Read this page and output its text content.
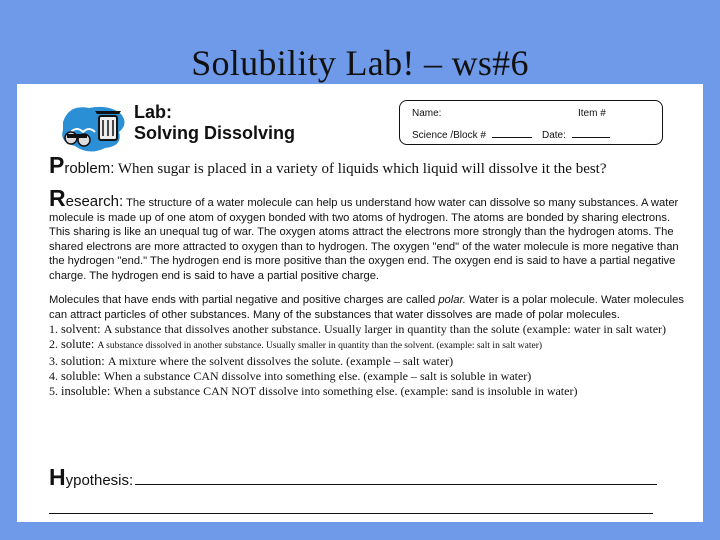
Solubility Lab! – ws#6
Lab:
Solving Dissolving
Name:	Item #
Science /Block #	Date:
Problem: When sugar is placed in a variety of liquids which liquid will dissolve it the best?

Research: The structure of a water molecule can help us understand how water can dissolve so many substances. A water molecule is made up of one atom of oxygen bonded with two atoms of hydrogen. The atoms are bonded by sharing electrons. This sharing is like an unequal tug of war. The oxygen atoms attract the electrons more strongly than the hydrogen atoms. The shared electrons are more attracted to oxygen than to hydrogen. The oxygen "end" of the water molecule is more negative than the hydrogen "end." The hydrogen end is more positive than the oxygen end. The oxygen end is said to have a partial negative charge. The hydrogen end is said to have a partial positive charge.

Molecules that have ends with partial negative and positive charges are called polar. Water is a polar molecule. Water molecules can attract particles of other substances. Many of the substances that water dissolves are made of polar molecules.

1. solvent: A substance that dissolves another substance. Usually larger in quantity than the solute (example: water in salt water)
2. solute: A substance dissolved in another substance. Usually smaller in quantity than the solvent. (example: salt in salt water)
3. solution: A mixture where the solvent dissolves the solute. (example – salt water)
4. soluble: When a substance CAN dissolve into something else. (example – salt is soluble in water)
5. insoluble: When a substance CAN NOT dissolve into something else. (example: sand is insoluble in water)
Hypothesis:
